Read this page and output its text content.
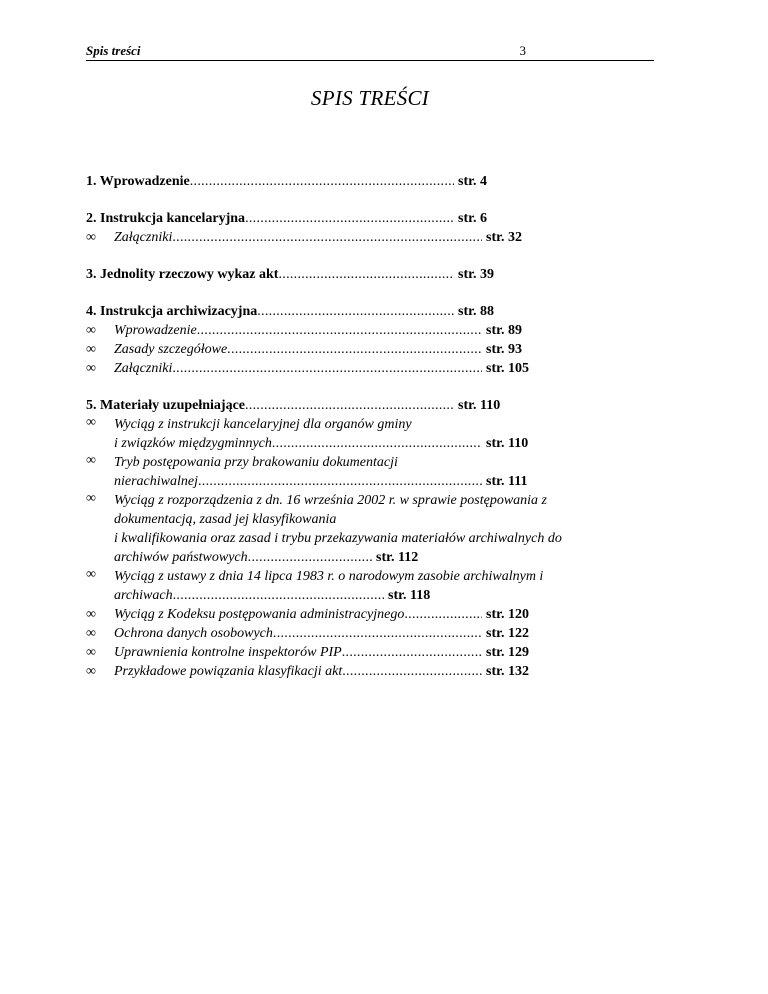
Spis treści	3
SPIS TREŚCI
1. Wprowadzenie . . .	str. 4
2. Instrukcja kancelaryjna . . .	str. 6
∞ Załączniki . . .	str. 32
3. Jednolity rzeczowy wykaz akt . . .	str. 39
4. Instrukcja archiwizacyjna . . .	str. 88
∞ Wprowadzenie . . .	str. 89
∞ Zasady szczegółowe . . .	str. 93
∞ Załączniki . . .	str. 105
5. Materiały uzupełniające . . .	str. 110
∞ Wyciąg z instrukcji kancelaryjnej dla organów gminy
i związków międzygminnych . . .	str. 110
∞ Tryb postępowania przy brakowaniu dokumentacji
nierachiwalnej . . .	str. 111
∞ Wyciąg z rozporządzenia z dn. 16 września 2002 r. w sprawie postępowania z
dokumentacją, zasad jej klasyfikowania
i kwalifikowania oraz zasad i trybu przekazywania materiałów archiwalnych do
archiwów państwowych . . .	str. 112
∞ Wyciąg z ustawy z dnia 14 lipca 1983 r. o narodowym zasobie archiwalnym i
archiwach . . .	str. 118
∞ Wyciąg z Kodeksu postępowania administracyjnego . . .	str. 120
∞ Ochrona danych osobowych . . .	str. 122
∞ Uprawnienia kontrolne inspektorów PIP . . .	str. 129
∞ Przykładowe powiązania klasyfikacji akt . . .	str. 132
